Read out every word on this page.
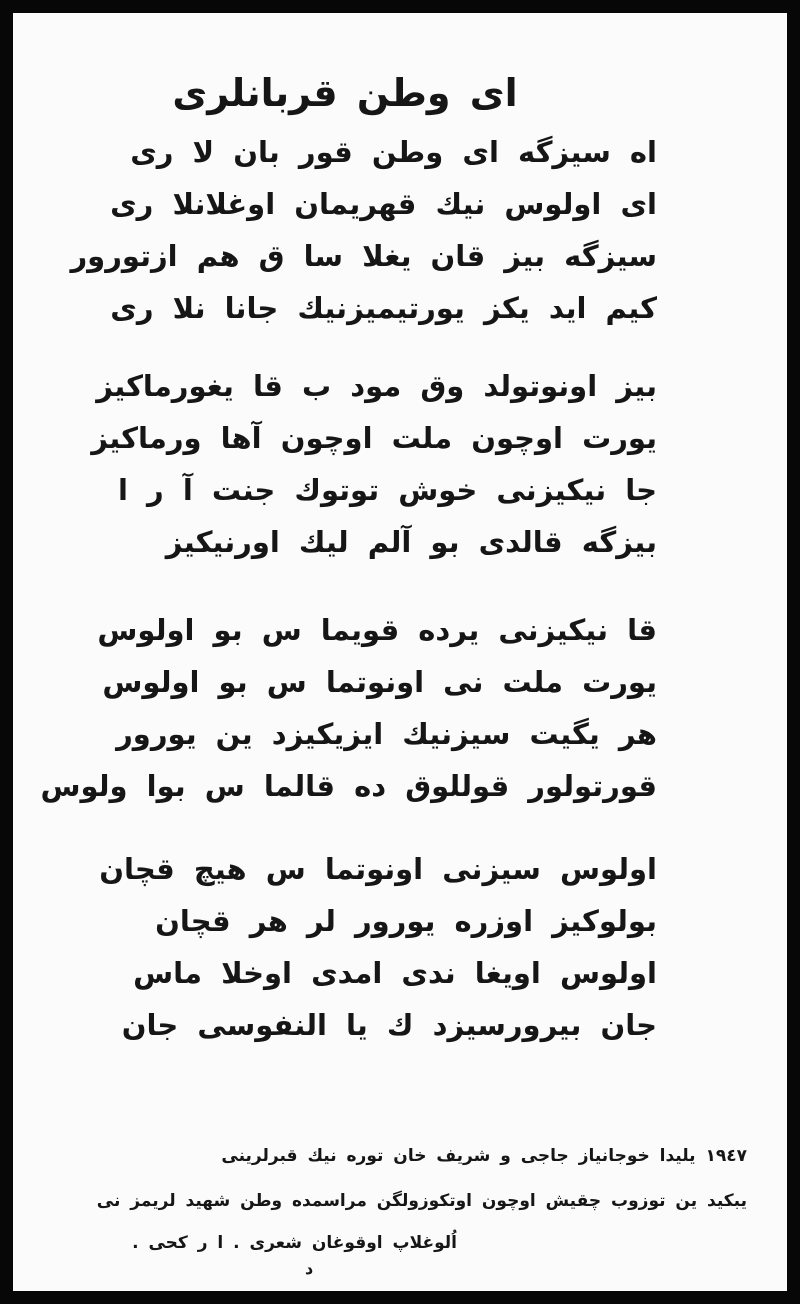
اى وطن قربانلرى

اه سيزگه اى وطن قور بان لا رى

اى اولوس نيك قهريمان اوغلانلا رى

سيزگه بيز قان يغلا سا ق هم ازتورور

كيم ايد يكز يورتيميزنيك جانا نلا رى

بيز اونوتولد وق مود ب قا يغورماكيز

يورت اوچون ملت اوچون آها ورماكيز

جا نيكيزنى خوش توتوك جنت آ ر ا

بيزگه قالدى بو آلم ليك اورنيكيز

قا نيكيزنى يرده قويما س بو اولوس

يورت ملت نى اونوتما س بو اولوس

هر يگيت سيزنيك ايزيكيزد ين يورور

قورتولور قوللوق ده قالما س بوا ولوس

اولوس سيزنى اونوتما س هيچ قچان

بولوكيز اوزره يورور لر هر قچان

اولوس اويغا ندى امدى اوخلا ماس

جان بيرورسيزد ك يا النفوسى جان

١٩٤٧ يليدا خوجانياز جاجى و شريف خان توره نيك قبرلرينى

يبكيد ين توزوب چقيش اوچون اوتكوزولگن مراسمده وطن شهيد لريمز نى

اُلوغلاپ اوقوغان شعرى . ا ر كحى .

د
